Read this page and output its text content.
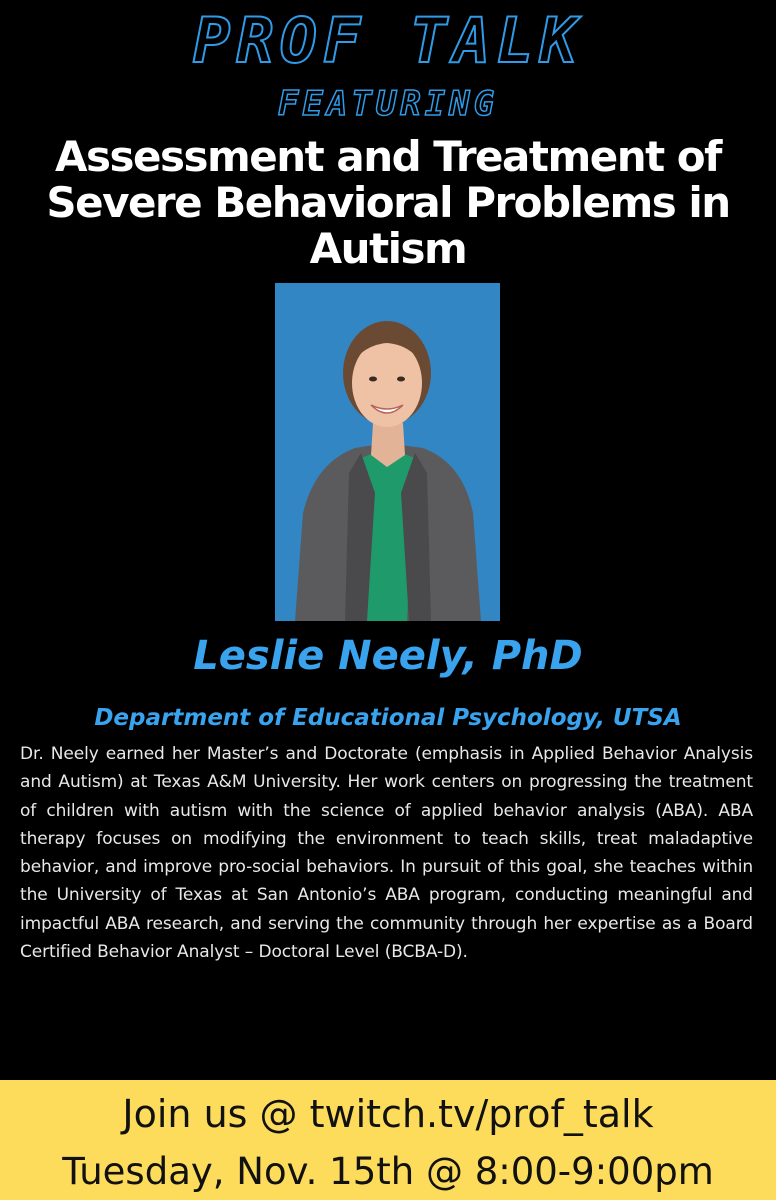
PROF TALK
FEATURING
Assessment and Treatment of Severe Behavioral Problems in Autism
Leslie Neely, PhD
Department of Educational Psychology, UTSA

Dr. Neely earned her Master’s and Doctorate (emphasis in Applied Behavior Analysis and Autism) at Texas A&M University. Her work centers on progressing the treatment of children with autism with the science of applied behavior analysis (ABA). ABA therapy focuses on modifying the environment to teach skills, treat maladaptive behavior, and improve pro-social behaviors. In pursuit of this goal, she teaches within the University of Texas at San Antonio’s ABA program, conducting meaningful and impactful ABA research, and serving the community through her expertise as a Board Certified Behavior Analyst – Doctoral Level (BCBA-D).

Join us @ twitch.tv/prof_talk

Tuesday, Nov. 15th @ 8:00-9:00pm
